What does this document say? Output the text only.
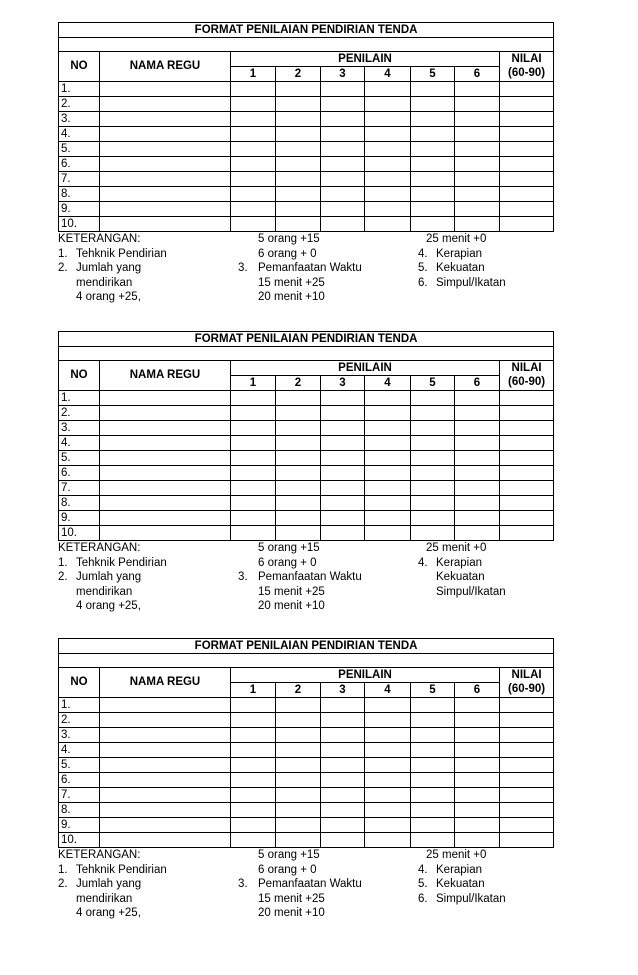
FORMAT PENILAIAN PENDIRIAN TENDA								

NO	NAMA REGU	PENILAIN						NILAI
		1	2	3	4	5	6	(60-90)
1.								
2.								
3.								
4.								
5.								
6.								
7.								
8.								
9.								
10.								
KETERANGAN:
1. Tehknik Pendirian
2. Jumlah yang
mendirikan
4 orang +25,
5 orang +15
6 orang + 0
3. Pemanfaatan Waktu
15 menit +25
20 menit +10
25 menit +0
4. Kerapian
5. Kekuatan
6. Simpul/Ikatan
FORMAT PENILAIAN PENDIRIAN TENDA								

NO	NAMA REGU	PENILAIN						NILAI
		1	2	3	4	5	6	(60-90)
1.								
2.								
3.								
4.								
5.								
6.								
7.								
8.								
9.								
10.								
KETERANGAN:
1. Tehknik Pendirian
2. Jumlah yang
mendirikan
4 orang +25,
5 orang +15
6 orang + 0
3. Pemanfaatan Waktu
15 menit +25
20 menit +10
25 menit +0
4. Kerapian
Kekuatan
Simpul/Ikatan
FORMAT PENILAIAN PENDIRIAN TENDA								

NO	NAMA REGU	PENILAIN						NILAI
		1	2	3	4	5	6	(60-90)
1.								
2.								
3.								
4.								
5.								
6.								
7.								
8.								
9.								
10.								
KETERANGAN:
1. Tehknik Pendirian
2. Jumlah yang
mendirikan
4 orang +25,
5 orang +15
6 orang + 0
3. Pemanfaatan Waktu
15 menit +25
20 menit +10
25 menit +0
4. Kerapian
5. Kekuatan
6. Simpul/Ikatan
